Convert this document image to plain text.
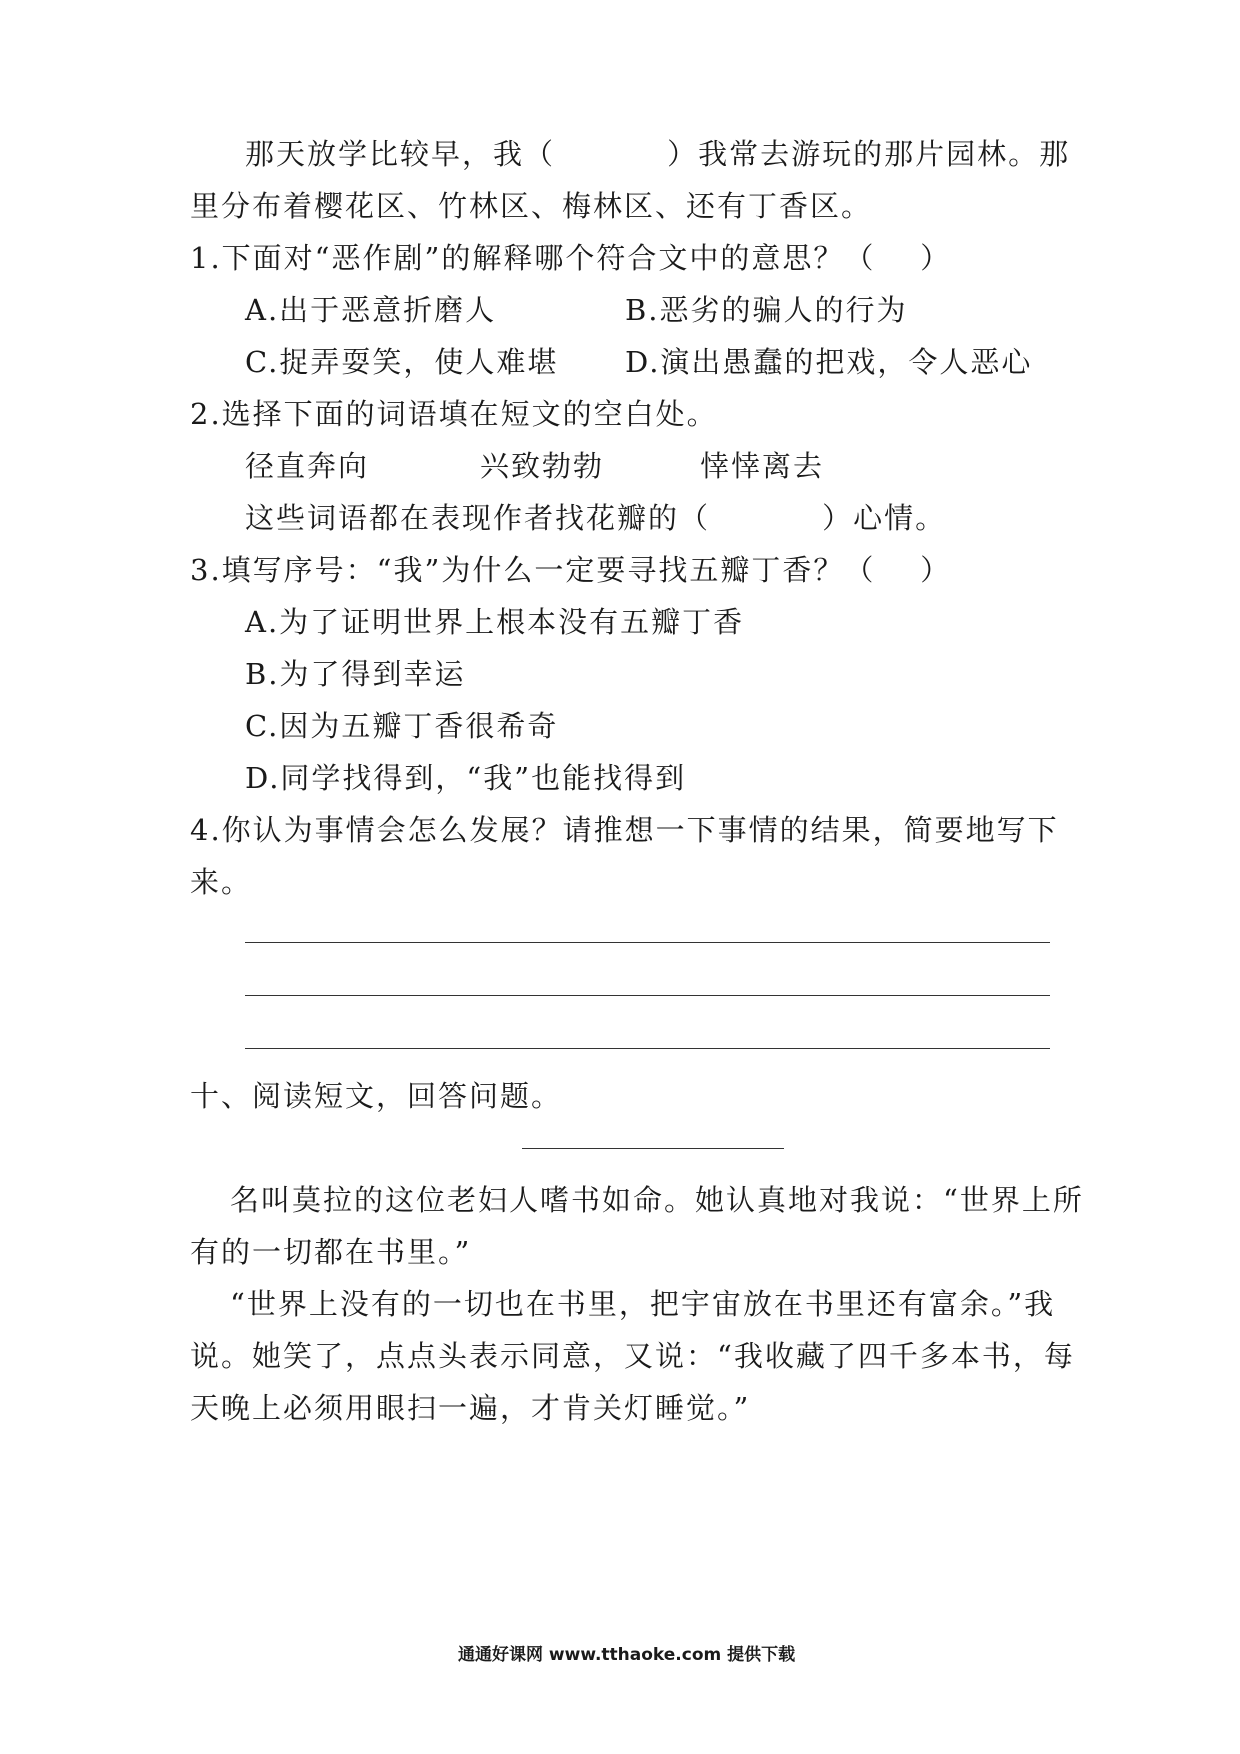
那天放学比较早，我（          ）我常去游玩的那片园林。那
里分布着樱花区、竹林区、梅林区、还有丁香区。
1.下面对“恶作剧”的解释哪个符合文中的意思？（    ）
A.出于恶意折磨人	B.恶劣的骗人的行为
C.捉弄耍笑，使人难堪 D.演出愚蠢的把戏，令人恶心
2.选择下面的词语填在短文的空白处。
径直奔向	兴致勃勃	悻悻离去
这些词语都在表现作者找花瓣的（          ）心情。
3.填写序号：“我”为什么一定要寻找五瓣丁香？（    ）
A.为了证明世界上根本没有五瓣丁香
B.为了得到幸运
C.因为五瓣丁香很希奇
D.同学找得到，“我”也能找得到
4.你认为事情会怎么发展？请推想一下事情的结果，简要地写下
来。
十、阅读短文，回答问题。
名叫莫拉的这位老妇人嗜书如命。她认真地对我说：“世界上所
有的一切都在书里。”
“世界上没有的一切也在书里，把宇宙放在书里还有富余。”我
说。她笑了，点点头表示同意，又说：“我收藏了四千多本书，每
天晚上必须用眼扫一遍，才肯关灯睡觉。”
通通好课网 www.tthaoke.com 提供下载
